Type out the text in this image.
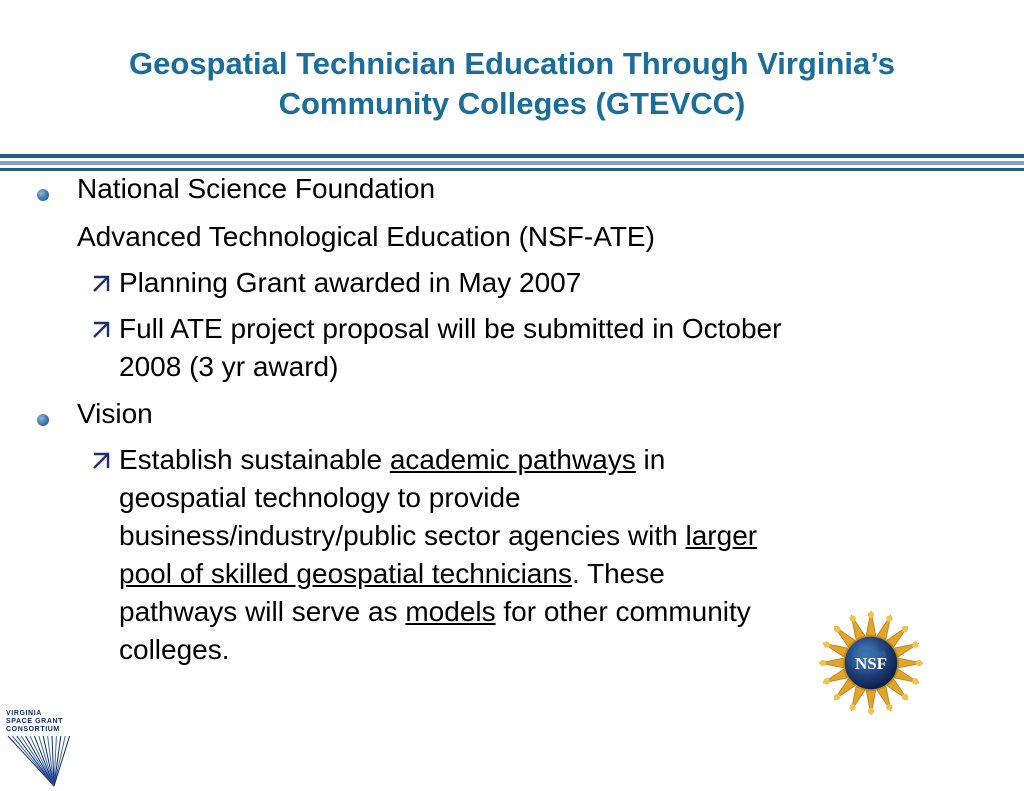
Geospatial Technician Education Through Virginia’s
Community Colleges (GTEVCC)
National Science Foundation
Advanced Technological Education (NSF-ATE)
Planning Grant awarded in May 2007
Full ATE project proposal will be submitted in October
2008 (3 yr award)
Vision
Establish sustainable academic pathways in
geospatial technology to provide
business/industry/public sector agencies with larger
pool of skilled geospatial technicians. These
pathways will serve as models for other community
colleges.	NSF
VIRGINIA
SPACE GRANT
CONSORTIUM
